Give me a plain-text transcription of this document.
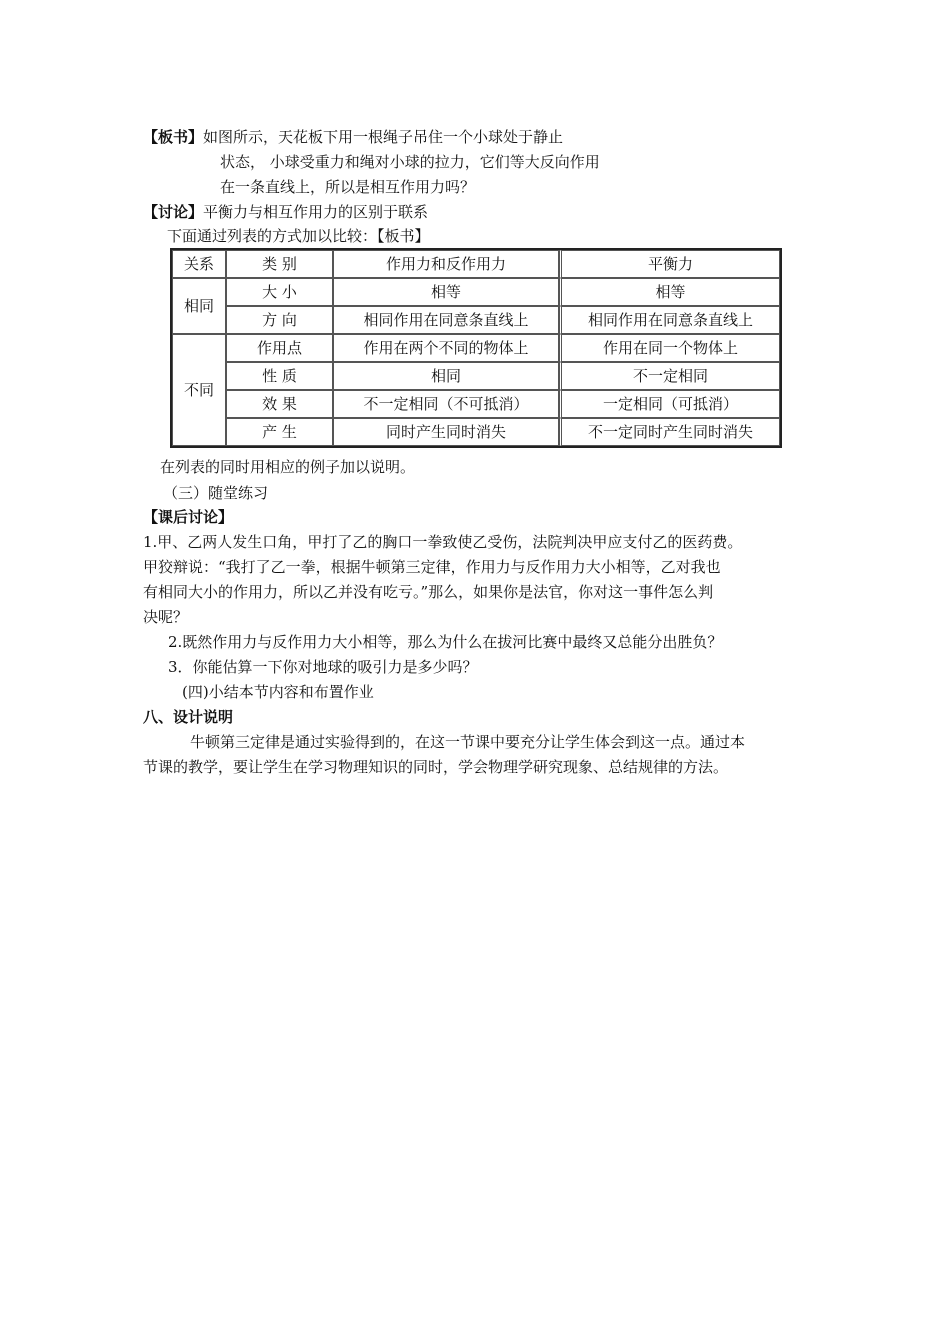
【板书】如图所示，天花板下用一根绳子吊住一个小球处于静止
状态， 小球受重力和绳对小球的拉力，它们等大反向作用
在一条直线上，所以是相互作用力吗？
【讨论】平衡力与相互作用力的区别于联系
下面通过列表的方式加以比较：【板书】
关系	类 别	作用力和反作用力	平衡力
相同	大 小	相等	相等
	方 向	相同作用在同意条直线上	相同作用在同意条直线上
不同	作用点	作用在两个不同的物体上	作用在同一个物体上
	性 质	相同	不一定相同
	效 果	不一定相同（不可抵消）	一定相同（可抵消）
	产 生	同时产生同时消失	不一定同时产生同时消失
在列表的同时用相应的例子加以说明。
（三）随堂练习
【课后讨论】
1.甲、乙两人发生口角，甲打了乙的胸口一拳致使乙受伤，法院判决甲应支付乙的医药费。
甲狡辩说：“我打了乙一拳，根据牛顿第三定律，作用力与反作用力大小相等，乙对我也
有相同大小的作用力，所以乙并没有吃亏。”那么，如果你是法官，你对这一事件怎么判
决呢？
2.既然作用力与反作用力大小相等，那么为什么在拔河比赛中最终又总能分出胜负？
3．你能估算一下你对地球的吸引力是多少吗？
(四)小结本节内容和布置作业
八、设计说明
牛顿第三定律是通过实验得到的，在这一节课中要充分让学生体会到这一点。通过本
节课的教学，要让学生在学习物理知识的同时，学会物理学研究现象、总结规律的方法。
